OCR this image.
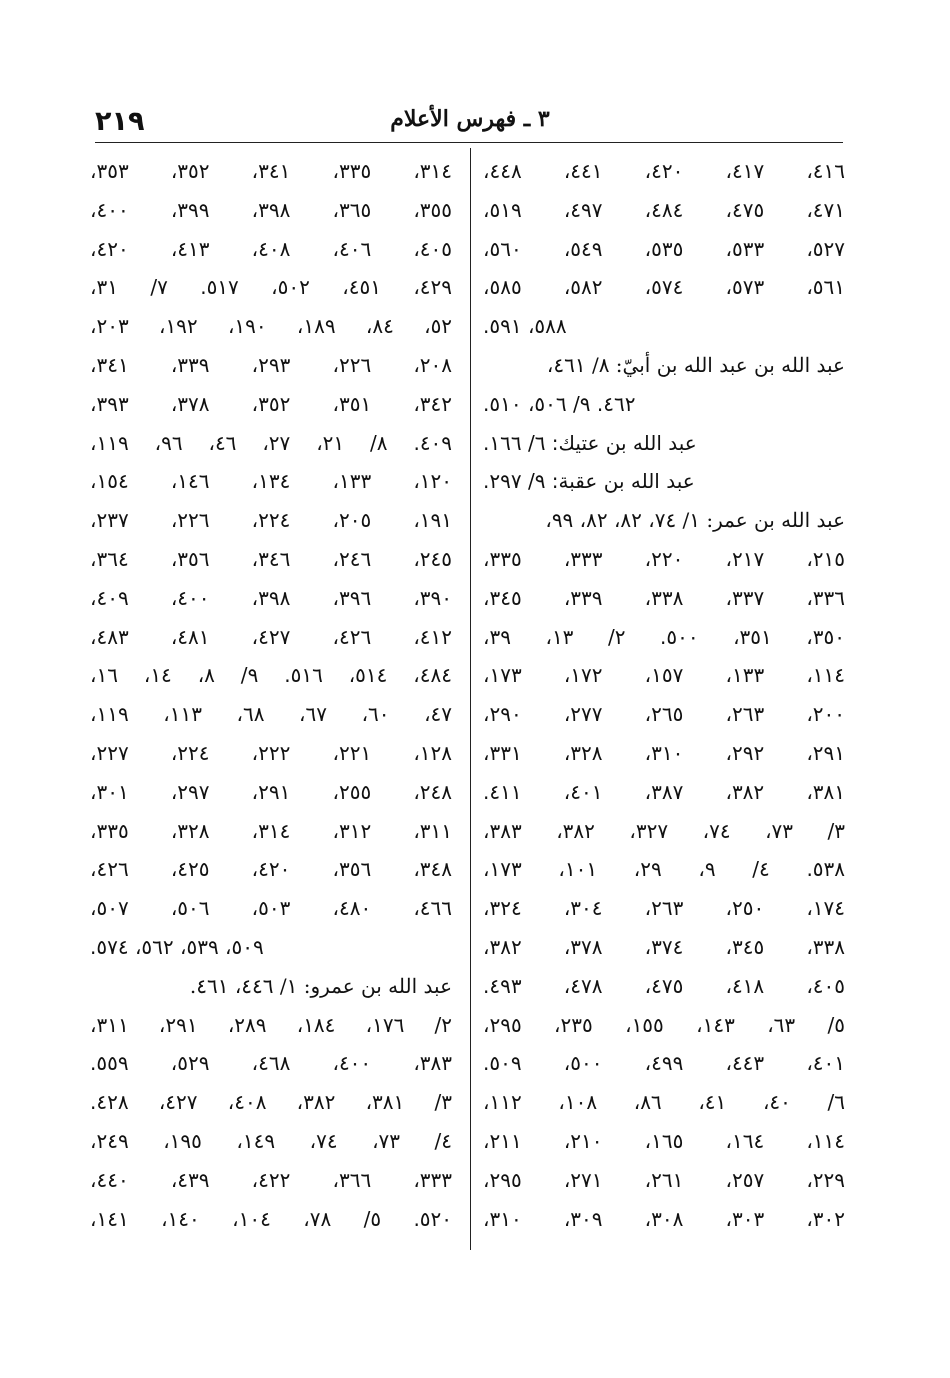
٢١٩	٣ ـ فهرس الأعلام
٤١٦، ٤١٧، ٤٢٠، ٤٤١، ٤٤٨،
٤٧١، ٤٧٥، ٤٨٤، ٤٩٧، ٥١٩،
٥٢٧، ٥٣٣، ٥٣٥، ٥٤٩، ٥٦٠،
٥٦١، ٥٧٣، ٥٧٤، ٥٨٢، ٥٨٥،
٥٨٨، ٥٩١.
عبد الله بن عبد الله بن أبيّ: ٨/ ٤٦١،
٤٦٢. ٩/ ٥٠٦، ٥١٠.
عبد الله بن عتيك: ٦/ ١٦٦.
عبد الله بن عقبة: ٩/ ٢٩٧.
عبد الله بن عمر: ١/ ٧٤، ٨٢، ٨٢، ٩٩،
٢١٥، ٢١٧، ٢٢٠، ٣٣٣، ٣٣٥،
٣٣٦، ٣٣٧، ٣٣٨، ٣٣٩، ٣٤٥،
٣٥٠، ٣٥١، ٥٠٠. ٢/ ١٣، ٣٩،
١١٤، ١٣٣، ١٥٧، ١٧٢، ١٧٣،
٢٠٠، ٢٦٣، ٢٦٥، ٢٧٧، ٢٩٠،
٢٩١، ٢٩٢، ٣١٠، ٣٢٨، ٣٣١،
٣٨١، ٣٨٢، ٣٨٧، ٤٠١، ٤١١.
٣/ ٧٣، ٧٤، ٣٢٧، ٣٨٢، ٣٨٣،
٥٣٨. ٤/ ٩، ٢٩، ١٠١، ١٧٣،
١٧٤، ٢٥٠، ٢٦٣، ٣٠٤، ٣٢٤،
٣٣٨، ٣٤٥، ٣٧٤، ٣٧٨، ٣٨٢،
٤٠٥، ٤١٨، ٤٧٥، ٤٧٨، ٤٩٣.
٥/ ٦٣، ١٤٣، ١٥٥، ٢٣٥، ٢٩٥،
٤٠١، ٤٤٣، ٤٩٩، ٥٠٠، ٥٠٩.
٦/ ٤٠، ٤١، ٨٦، ١٠٨، ١١٢،
١١٤، ١٦٤، ١٦٥، ٢١٠، ٢١١،
٢٢٩، ٢٥٧، ٢٦١، ٢٧١، ٢٩٥،
٣٠٢، ٣٠٣، ٣٠٨، ٣٠٩، ٣١٠،
٣١٤، ٣٣٥، ٣٤١، ٣٥٢، ٣٥٣،
٣٥٥، ٣٦٥، ٣٩٨، ٣٩٩، ٤٠٠،
٤٠٥، ٤٠٦، ٤٠٨، ٤١٣، ٤٢٠،
٤٢٩، ٤٥١، ٥٠٢، ٥١٧. ٧/ ٣١،
٥٢، ٨٤، ١٨٩، ١٩٠، ١٩٢، ٢٠٣،
٢٠٨، ٢٢٦، ٢٩٣، ٣٣٩، ٣٤١،
٣٤٢، ٣٥١، ٣٥٢، ٣٧٨، ٣٩٣،
٤٠٩. ٨/ ٢١، ٢٧، ٤٦، ٩٦، ١١٩،
١٢٠، ١٣٣، ١٣٤، ١٤٦، ١٥٤،
١٩١، ٢٠٥، ٢٢٤، ٢٢٦، ٢٣٧،
٢٤٥، ٢٤٦، ٣٤٦، ٣٥٦، ٣٦٤،
٣٩٠، ٣٩٦، ٣٩٨، ٤٠٠، ٤٠٩،
٤١٢، ٤٢٦، ٤٢٧، ٤٨١، ٤٨٣،
٤٨٤، ٥١٤، ٥١٦. ٩/ ٨، ١٤، ١٦،
٤٧، ٦٠، ٦٧، ٦٨، ١١٣، ١١٩،
١٢٨، ٢٢١، ٢٢٢، ٢٢٤، ٢٢٧،
٢٤٨، ٢٥٥، ٢٩١، ٢٩٧، ٣٠١،
٣١١، ٣١٢، ٣١٤، ٣٢٨، ٣٣٥،
٣٤٨، ٣٥٦، ٤٢٠، ٤٢٥، ٤٢٦،
٤٦٦، ٤٨٠، ٥٠٣، ٥٠٦، ٥٠٧،
٥٠٩، ٥٣٩، ٥٦٢، ٥٧٤.
عبد الله بن عمرو: ١/ ٤٤٦، ٤٦١.
٢/ ١٧٦، ١٨٤، ٢٨٩، ٢٩١، ٣١١،
٣٨٣، ٤٠٠، ٤٦٨، ٥٢٩، ٥٥٩.
٣/ ٣٨١، ٣٨٢، ٤٠٨، ٤٢٧، ٤٢٨.
٤/ ٧٣، ٧٤، ١٤٩، ١٩٥، ٢٤٩،
٣٣٣، ٣٦٦، ٤٢٢، ٤٣٩، ٤٤٠،
٥٢٠. ٥/ ٧٨، ١٠٤، ١٤٠، ١٤١،
